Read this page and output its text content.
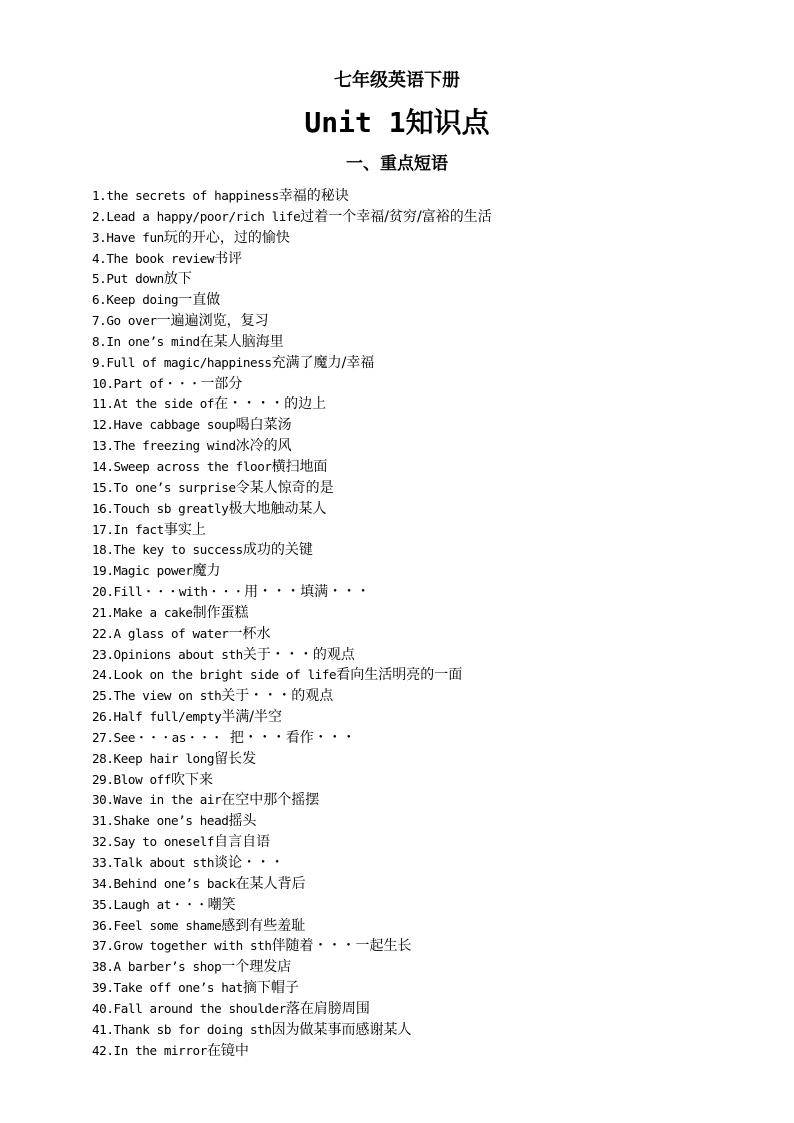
七年级英语下册
Unit 1知识点
一、重点短语
1.the secrets of happiness幸福的秘诀
2.Lead a happy/poor/rich life过着一个幸福/贫穷/富裕的生活
3.Have fun玩的开心，过的愉快
4.The book review书评
5.Put down放下
6.Keep doing一直做
7.Go over一遍遍浏览，复习
8.In one’s mind在某人脑海里
9.Full of magic/happiness充满了魔力/幸福
10.Part of・・・一部分
11.At the side of在・・・・的边上
12.Have cabbage soup喝白菜汤
13.The freezing wind冰冷的风
14.Sweep across the floor横扫地面
15.To one’s surprise令某人惊奇的是
16.Touch sb greatly极大地触动某人
17.In fact事实上
18.The key to success成功的关键
19.Magic power魔力
20.Fill・・・with・・・用・・・填满・・・
21.Make a cake制作蛋糕
22.A glass of water一杯水
23.Opinions about sth关于・・・的观点
24.Look on the bright side of life看向生活明亮的一面
25.The view on sth关于・・・的观点
26.Half full/empty半满/半空
27.See・・・as・・・ 把・・・看作・・・
28.Keep hair long留长发
29.Blow off吹下来
30.Wave in the air在空中那个摇摆
31.Shake one’s head摇头
32.Say to oneself自言自语
33.Talk about sth谈论・・・
34.Behind one’s back在某人背后
35.Laugh at・・・嘲笑
36.Feel some shame感到有些羞耻
37.Grow together with sth伴随着・・・一起生长
38.A barber’s shop一个理发店
39.Take off one’s hat摘下帽子
40.Fall around the shoulder落在肩膀周围
41.Thank sb for doing sth因为做某事而感谢某人
42.In the mirror在镜中
